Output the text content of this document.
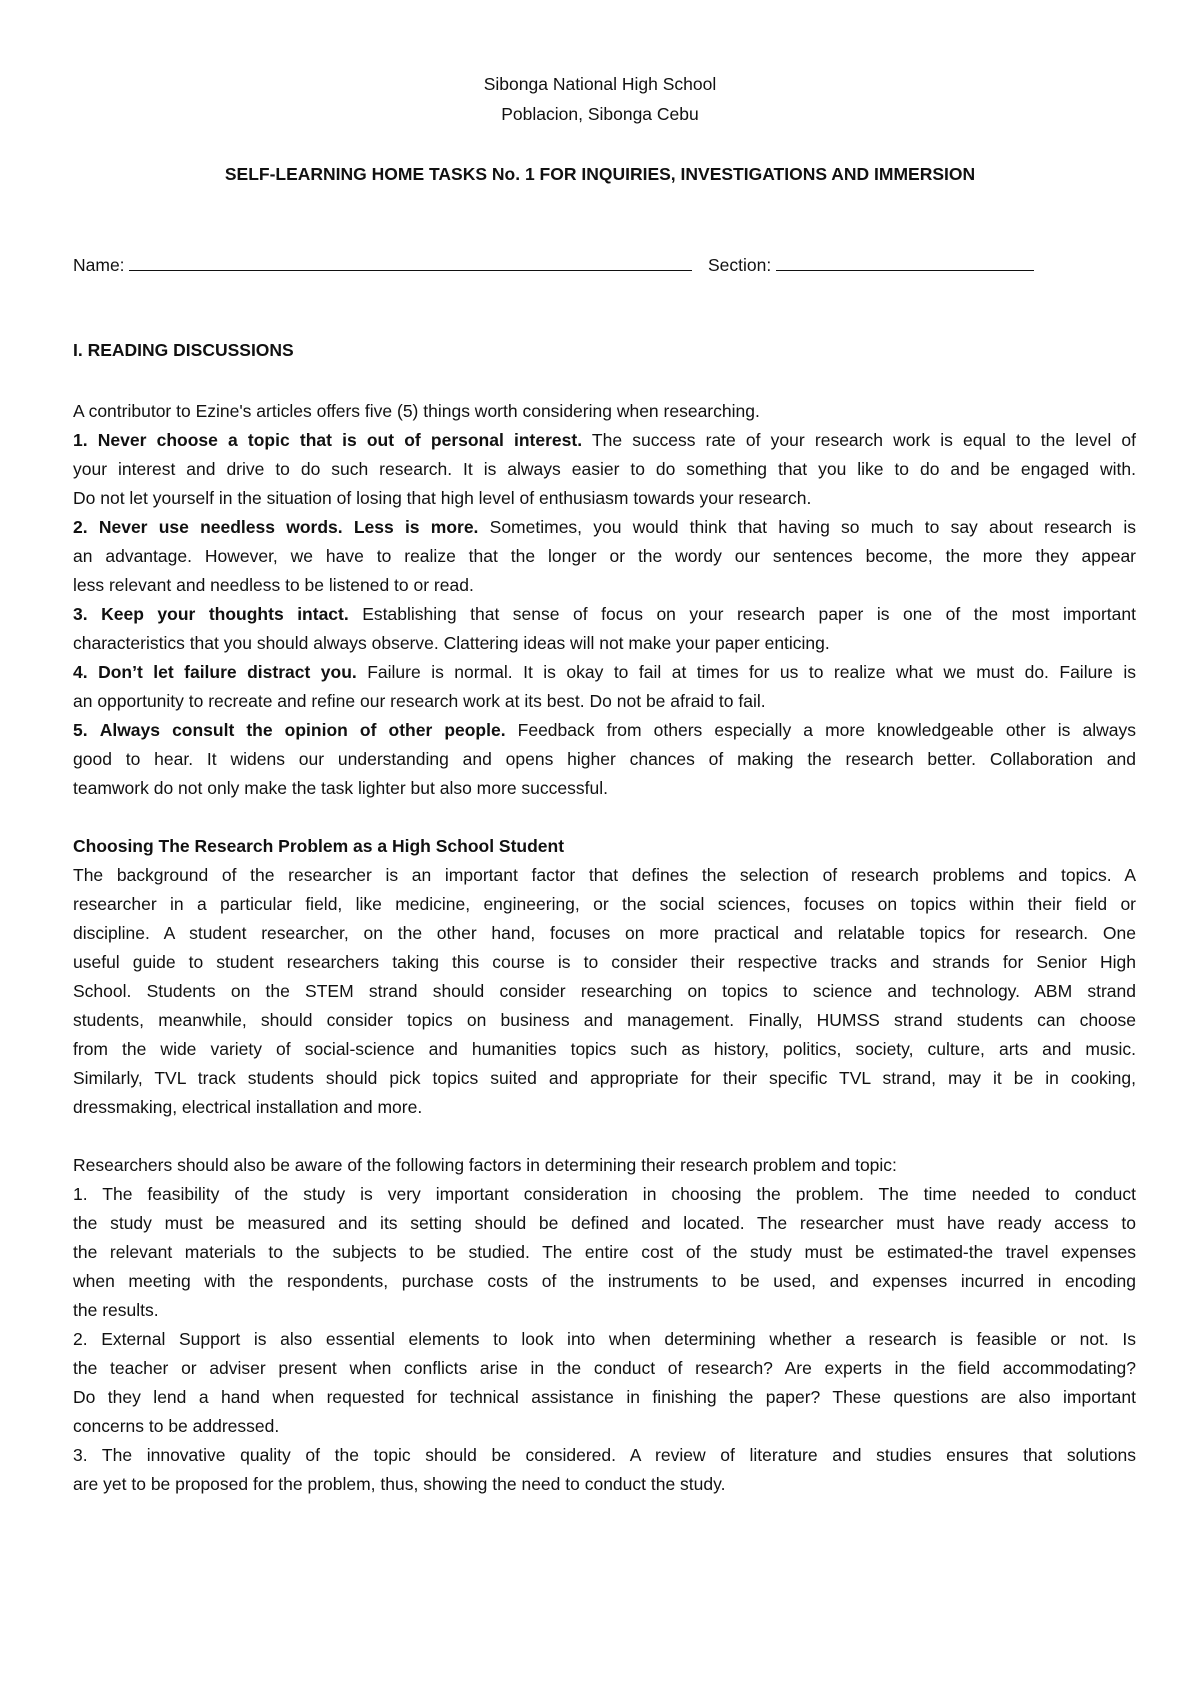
Sibonga National High School
Poblacion, Sibonga Cebu
SELF-LEARNING HOME TASKS No. 1 FOR INQUIRIES, INVESTIGATIONS AND IMMERSION
Name:	Section:
I. READING DISCUSSIONS
A contributor to Ezine's articles offers five (5) things worth considering when researching.
1. Never choose a topic that is out of personal interest. The success rate of your research work is equal to the level of
your interest and drive to do such research. It is always easier to do something that you like to do and be engaged with.
Do not let yourself in the situation of losing that high level of enthusiasm towards your research.
2. Never use needless words. Less is more. Sometimes, you would think that having so much to say about research is
an advantage. However, we have to realize that the longer or the wordy our sentences become, the more they appear
less relevant and needless to be listened to or read.
3. Keep your thoughts intact. Establishing that sense of focus on your research paper is one of the most important
characteristics that you should always observe. Clattering ideas will not make your paper enticing.
4. Don’t let failure distract you. Failure is normal. It is okay to fail at times for us to realize what we must do. Failure is
an opportunity to recreate and refine our research work at its best. Do not be afraid to fail.
5. Always consult the opinion of other people. Feedback from others especially a more knowledgeable other is always
good to hear. It widens our understanding and opens higher chances of making the research better. Collaboration and
teamwork do not only make the task lighter but also more successful.
Choosing The Research Problem as a High School Student
The background of the researcher is an important factor that defines the selection of research problems and topics. A
researcher in a particular field, like medicine, engineering, or the social sciences, focuses on topics within their field or
discipline. A student researcher, on the other hand, focuses on more practical and relatable topics for research. One
useful guide to student researchers taking this course is to consider their respective tracks and strands for Senior High
School. Students on the STEM strand should consider researching on topics to science and technology. ABM strand
students, meanwhile, should consider topics on business and management. Finally, HUMSS strand students can choose
from the wide variety of social-science and humanities topics such as history, politics, society, culture, arts and music.
Similarly, TVL track students should pick topics suited and appropriate for their specific TVL strand, may it be in cooking,
dressmaking, electrical installation and more.
Researchers should also be aware of the following factors in determining their research problem and topic:
1. The feasibility of the study is very important consideration in choosing the problem. The time needed to conduct
the study must be measured and its setting should be defined and located. The researcher must have ready access to
the relevant materials to the subjects to be studied. The entire cost of the study must be estimated-the travel expenses
when meeting with the respondents, purchase costs of the instruments to be used, and expenses incurred in encoding
the results.
2. External Support is also essential elements to look into when determining whether a research is feasible or not. Is
the teacher or adviser present when conflicts arise in the conduct of research? Are experts in the field accommodating?
Do they lend a hand when requested for technical assistance in finishing the paper? These questions are also important
concerns to be addressed.
3. The innovative quality of the topic should be considered. A review of literature and studies ensures that solutions
are yet to be proposed for the problem, thus, showing the need to conduct the study.
